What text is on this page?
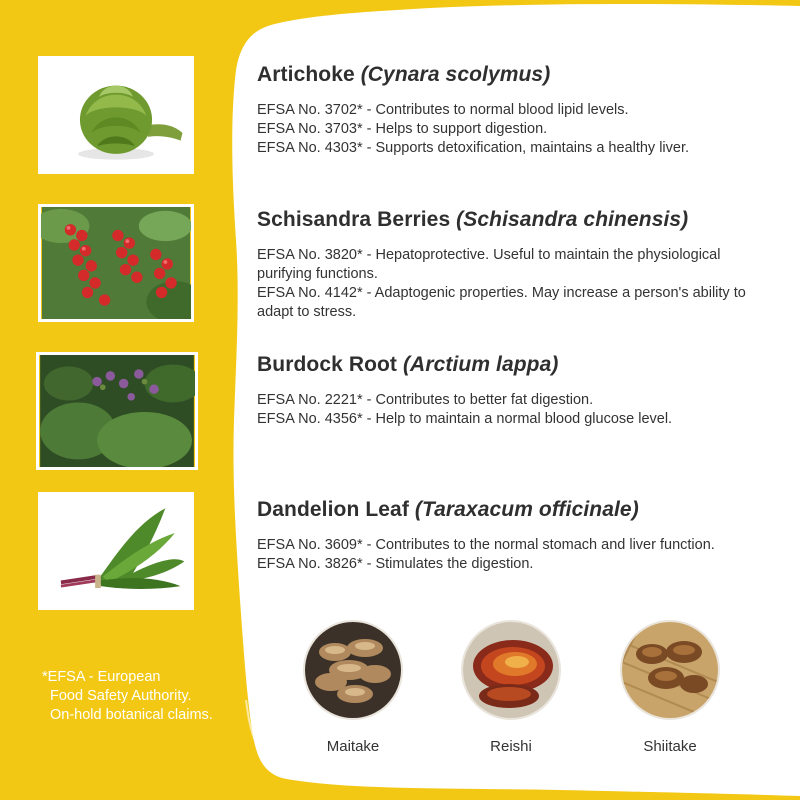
Artichoke (Cynara scolymus)

EFSA No. 3702* - Contributes to normal blood lipid levels.

EFSA No. 3703* - Helps to support digestion.

EFSA No. 4303* - Supports detoxification, maintains a healthy liver.

Schisandra Berries (Schisandra chinensis)

EFSA No. 3820* - Hepatoprotective. Useful to maintain the physiological purifying functions.

EFSA No. 4142* - Adaptogenic properties. May increase a person's ability to adapt to stress.

Burdock Root (Arctium lappa)

EFSA No. 2221* - Contributes to better fat digestion.

EFSA No. 4356* - Help to maintain a normal blood glucose level.

Dandelion Leaf (Taraxacum officinale)

EFSA No. 3609* - Contributes to the normal stomach and liver function.

EFSA No. 3826* - Stimulates the digestion.

*EFSA - European
Food Safety Authority.
On-hold botanical claims.
Maitake	Reishi	Shiitake
